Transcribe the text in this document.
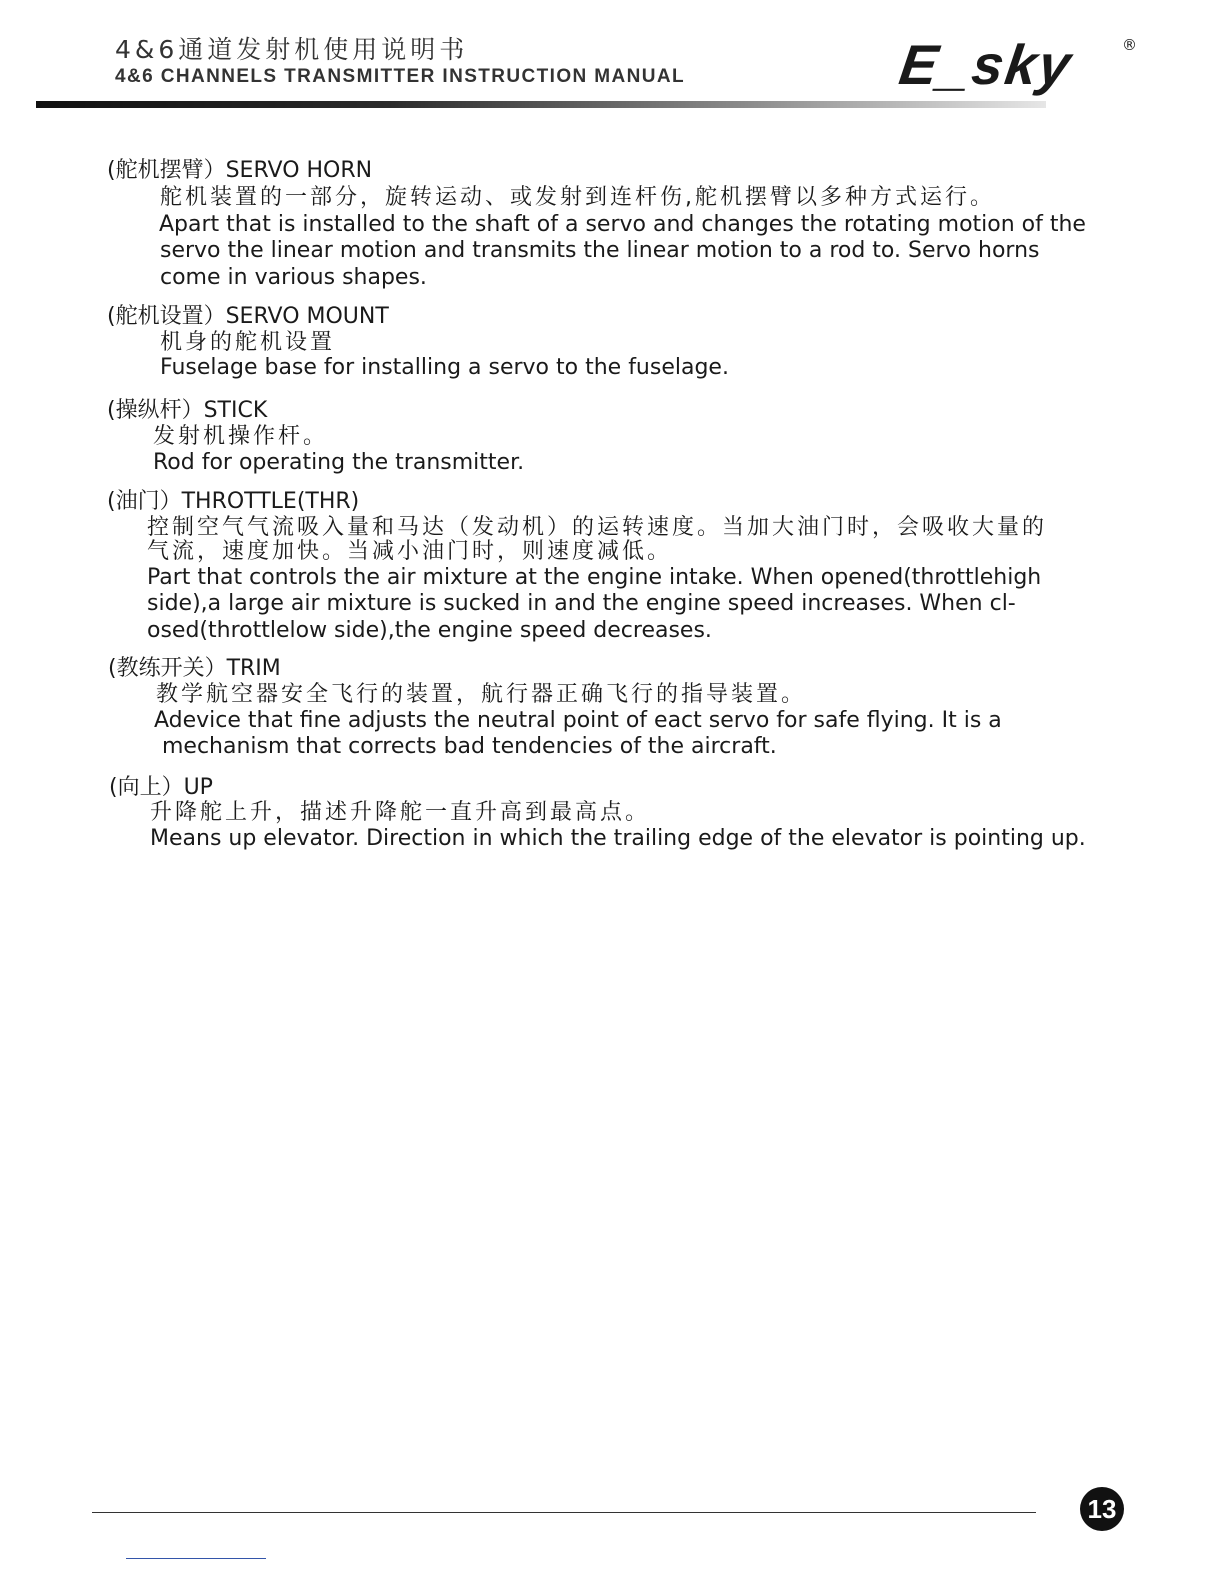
4&6通道发射机使用说明书
4&6 CHANNELS TRANSMITTER INSTRUCTION MANUAL	E_sky	®
(舵机摆臂）SERVO HORN
舵机装置的一部分，旋转运动、或发射到连杆伤,舵机摆臂以多种方式运行。
Apart that is installed to the shaft of a servo and changes the rotating motion of the
servo the linear motion and transmits the linear motion to a rod to. Servo horns
come in various shapes.
(舵机设置）SERVO MOUNT
机身的舵机设置
Fuselage base for installing a servo to the fuselage.
(操纵杆）STICK
发射机操作杆。
Rod for operating the transmitter.
(油门）THROTTLE(THR)
控制空气气流吸入量和马达（发动机）的运转速度。当加大油门时，会吸收大量的
气流，速度加快。当减小油门时，则速度减低。
Part that controls the air mixture at the engine intake. When opened(throttlehigh
side),a large air mixture is sucked in and the engine speed increases. When cl-
osed(throttlelow side),the engine speed decreases.
(教练开关）TRIM
教学航空器安全飞行的装置，航行器正确飞行的指导装置。
Adevice that fine adjusts the neutral point of eact servo for safe flying. It is a
mechanism that corrects bad tendencies of the aircraft.
(向上）UP
升降舵上升，描述升降舵一直升高到最高点。
Means up elevator. Direction in which the trailing edge of the elevator is pointing up.
13
